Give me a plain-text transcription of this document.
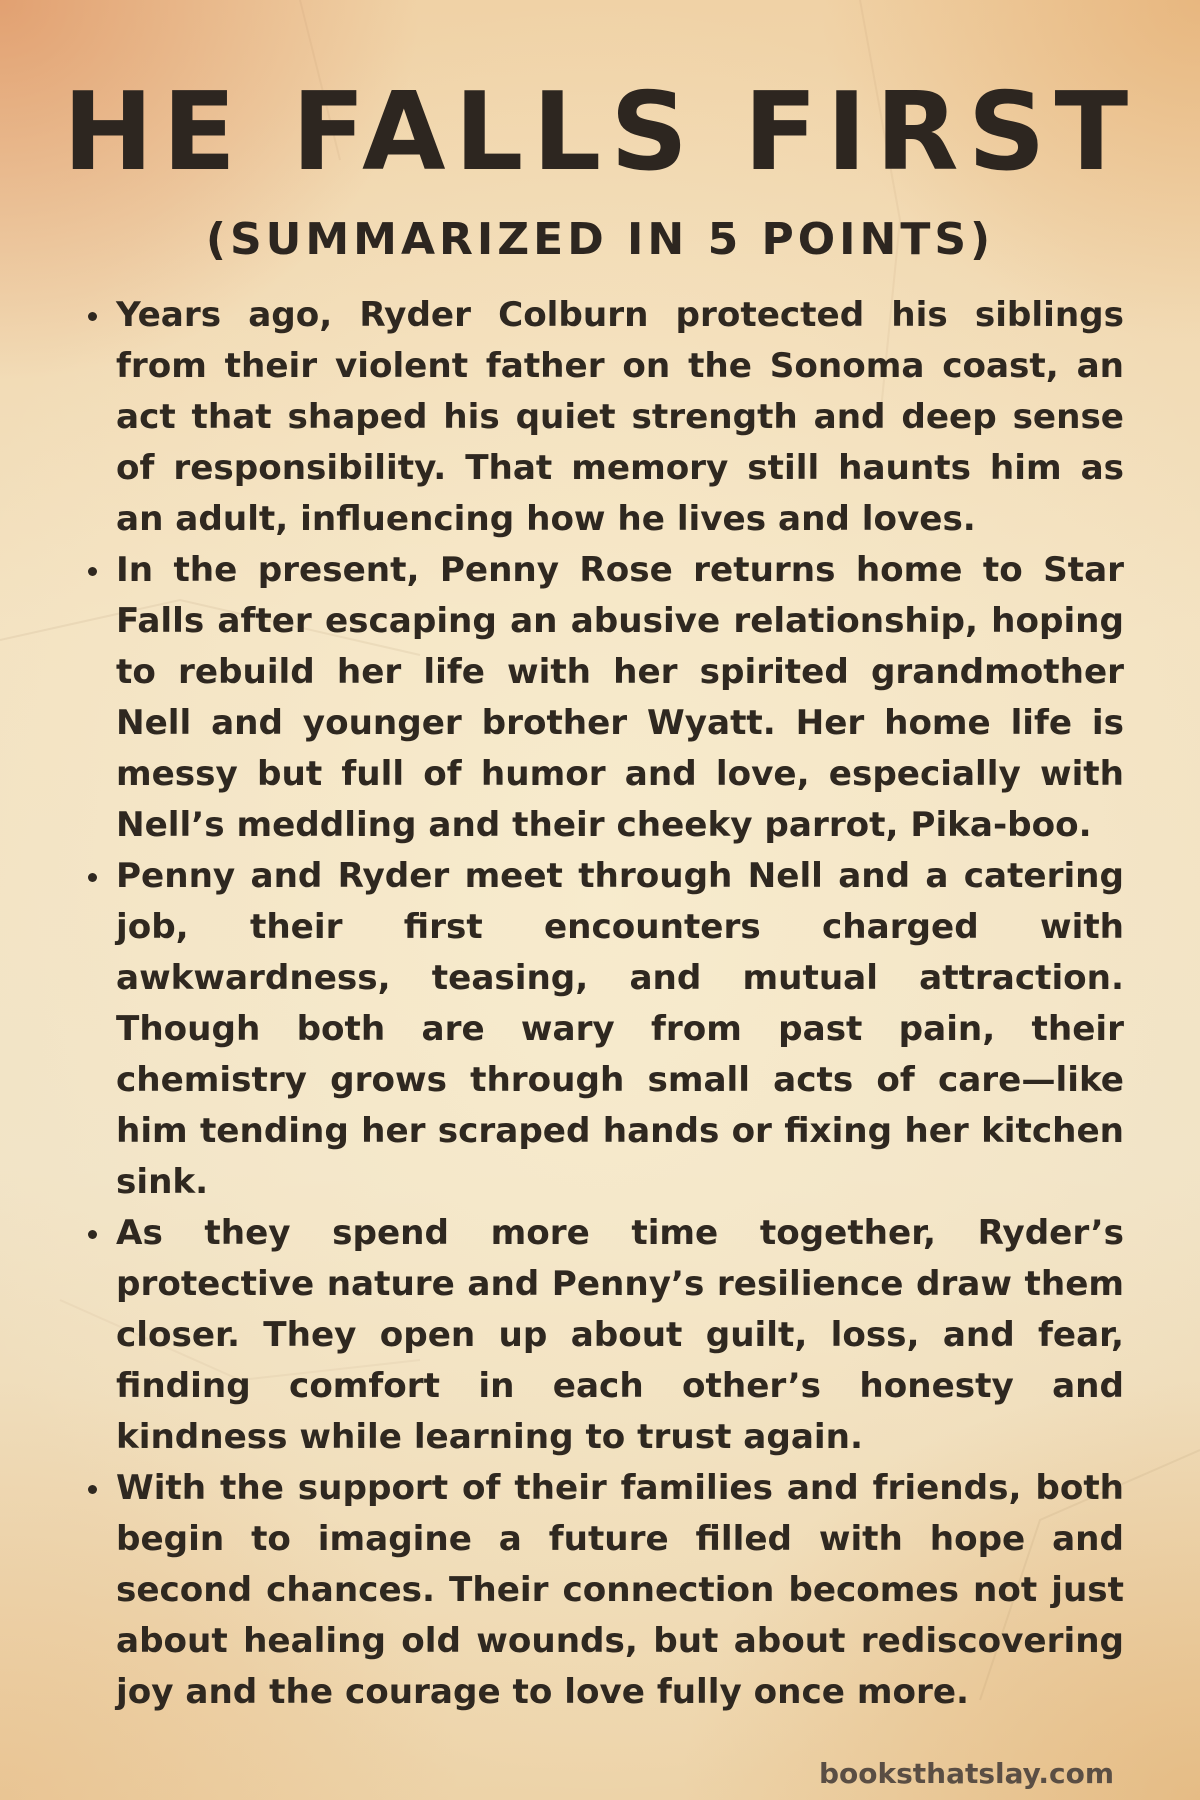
HE FALLS FIRST
(SUMMARIZED IN 5 POINTS)
Years ago, Ryder Colburn protected his siblings from their violent father on the Sonoma coast, an act that shaped his quiet strength and deep sense of responsibility. That memory still haunts him as an adult, influencing how he lives and loves.
In the present, Penny Rose returns home to Star Falls after escaping an abusive relationship, hoping to rebuild her life with her spirited grandmother Nell and younger brother Wyatt. Her home life is messy but full of humor and love, especially with Nell’s meddling and their cheeky parrot, Pika-boo.
Penny and Ryder meet through Nell and a catering job, their first encounters charged with awkwardness, teasing, and mutual attraction. Though both are wary from past pain, their chemistry grows through small acts of care—like him tending her scraped hands or fixing her kitchen sink.
As they spend more time together, Ryder’s protective nature and Penny’s resilience draw them closer. They open up about guilt, loss, and fear, finding comfort in each other’s honesty and kindness while learning to trust again.
With the support of their families and friends, both begin to imagine a future filled with hope and second chances. Their connection becomes not just about healing old wounds, but about rediscovering joy and the courage to love fully once more.
booksthatslay.com
